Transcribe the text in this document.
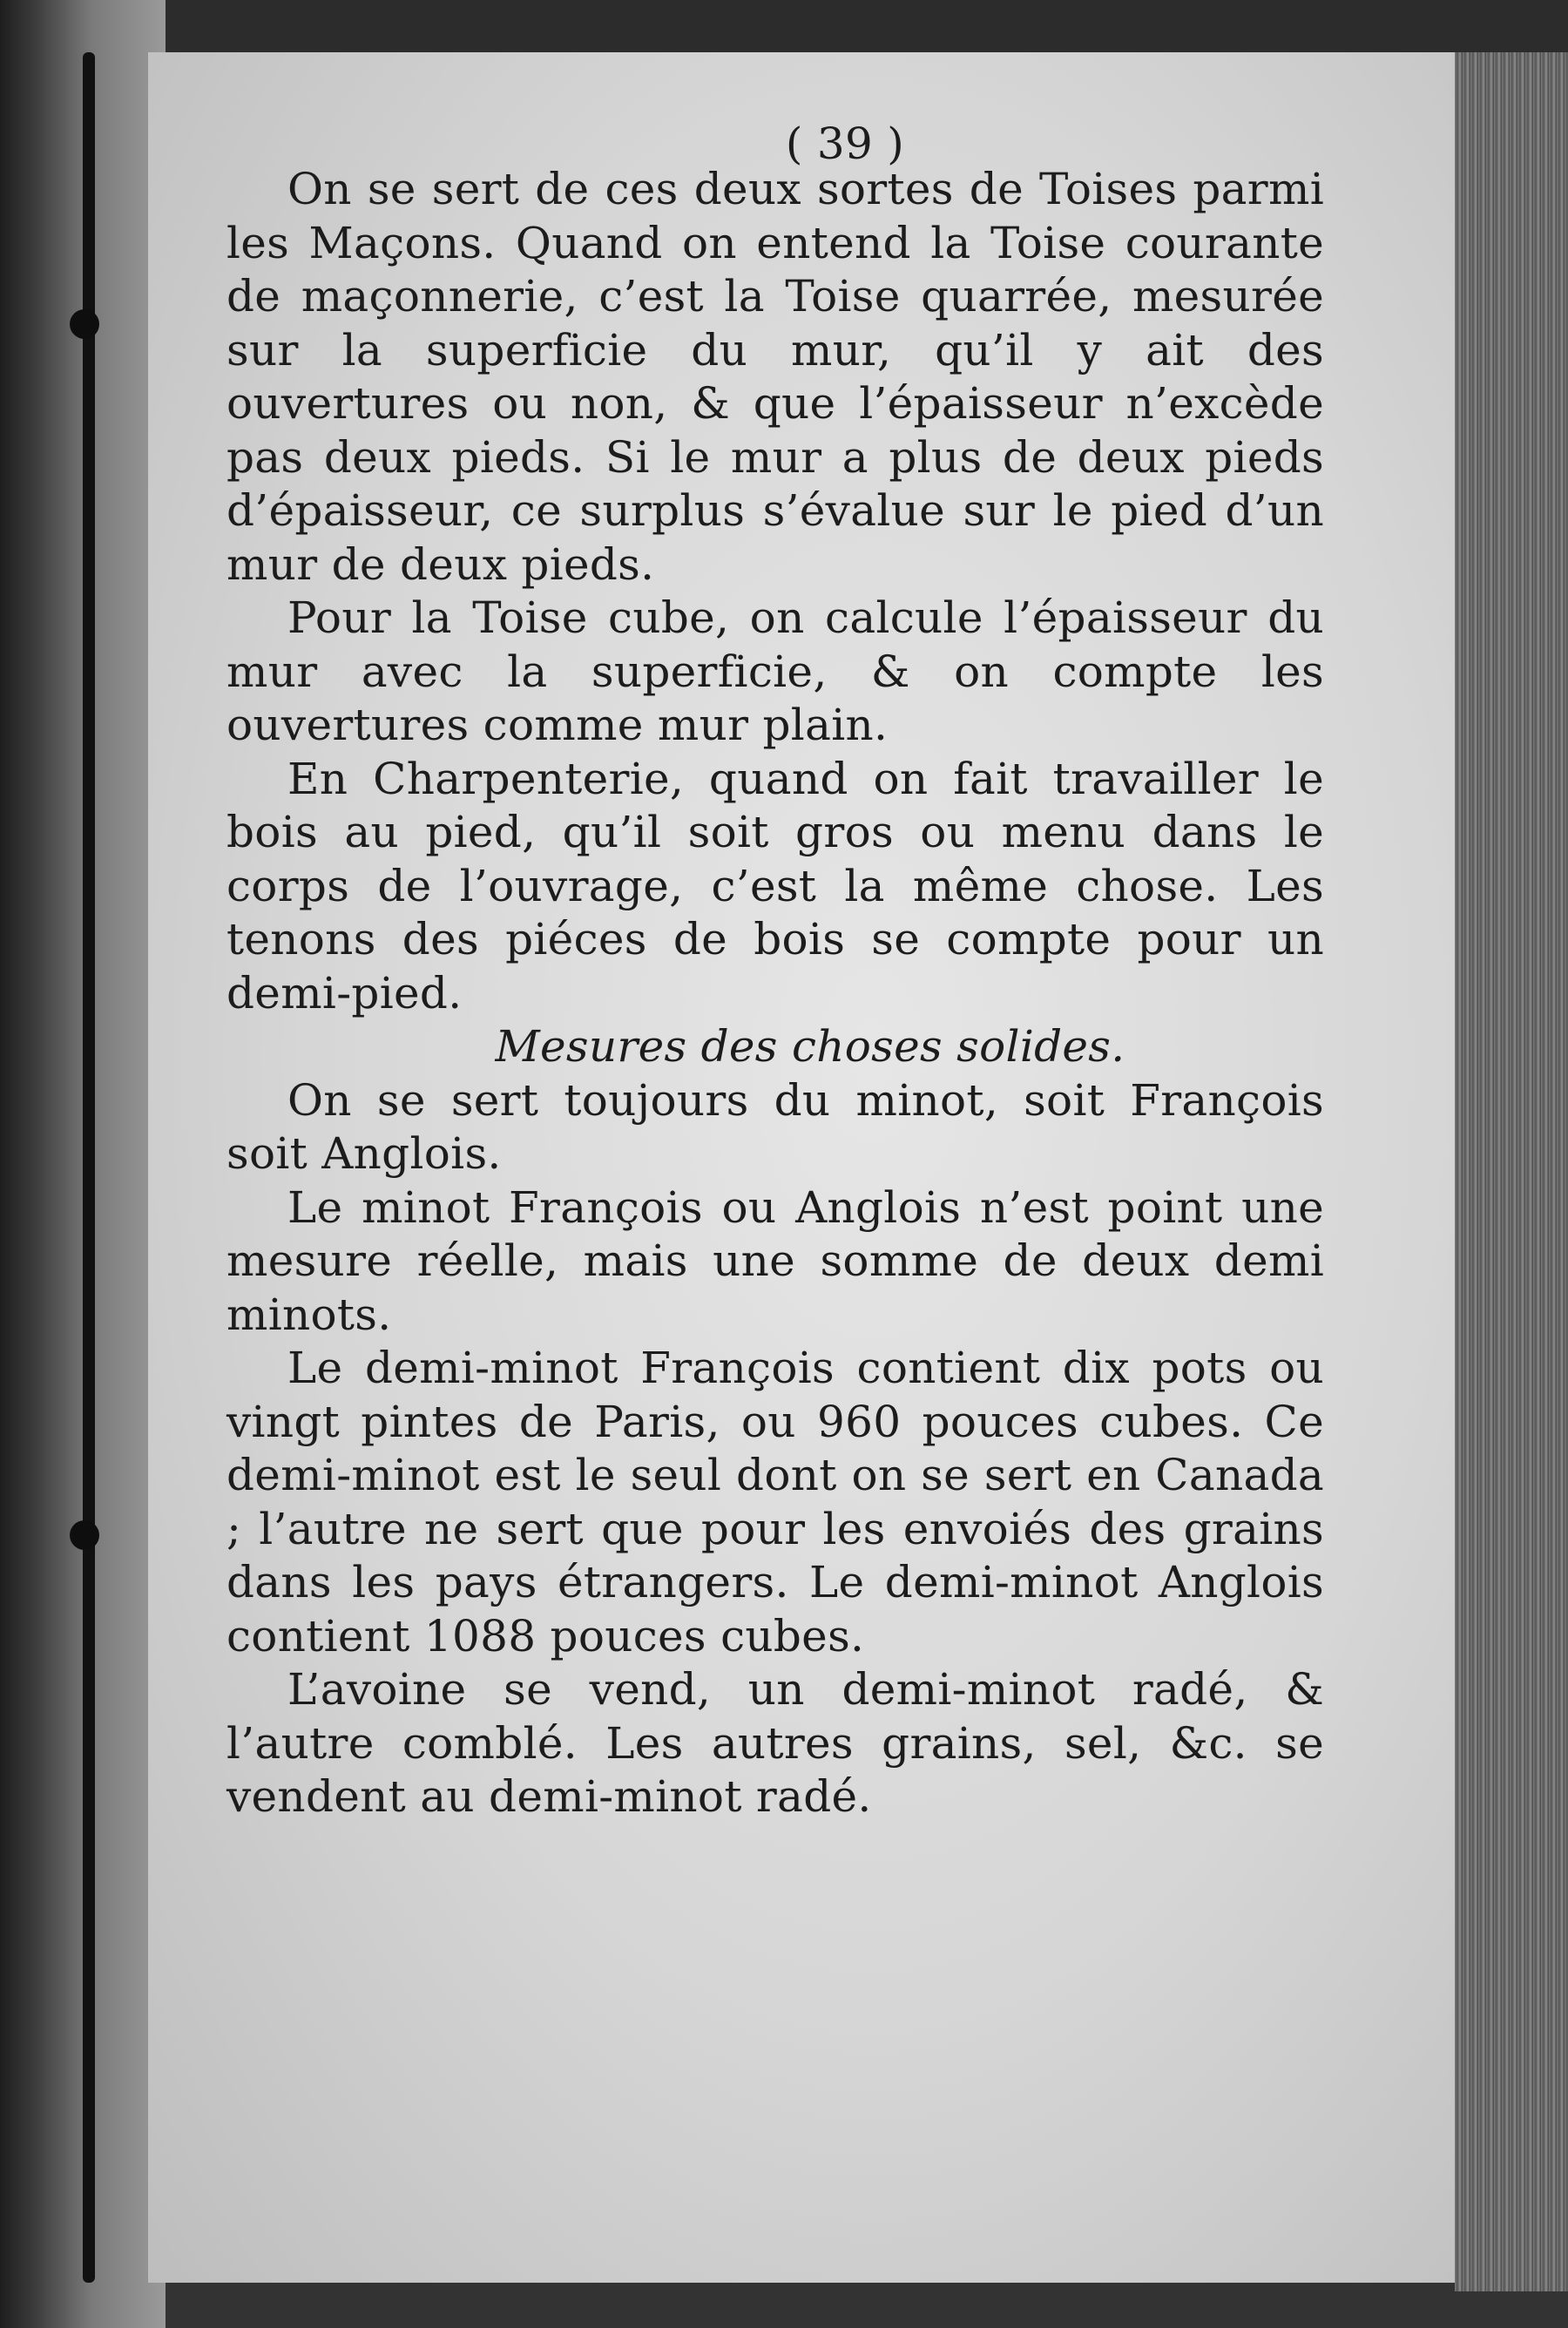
( 39 )

On se sert de ces deux sortes de Toises parmi les Maçons. Quand on entend la Toise courante de maçonnerie, c’est la Toise quarrée, mesurée sur la superficie du mur, qu’il y ait des ouvertures ou non, & que l’épaisseur n’excède pas deux pieds. Si le mur a plus de deux pieds d’épaisseur, ce surplus s’évalue sur le pied d’un mur de deux pieds.

Pour la Toise cube, on calcule l’épaisseur du mur avec la superficie, & on compte les ouvertures comme mur plain.

En Charpenterie, quand on fait travailler le bois au pied, qu’il soit gros ou menu dans le corps de l’ouvrage, c’est la même chose. Les tenons des piéces de bois se compte pour un demi-pied.

Mesures des choses solides.

On se sert toujours du minot, soit François soit Anglois.

Le minot François ou Anglois n’est point une mesure réelle, mais une somme de deux demi minots.

Le demi-minot François contient dix pots ou vingt pintes de Paris, ou 960 pouces cubes. Ce demi-minot est le seul dont on se sert en Canada ; l’autre ne sert que pour les envoiés des grains dans les pays étrangers. Le demi-minot Anglois contient 1088 pouces cubes.

L’avoine se vend, un demi-minot radé, & l’autre comblé. Les autres grains, sel, &c. se vendent au demi-minot radé.
